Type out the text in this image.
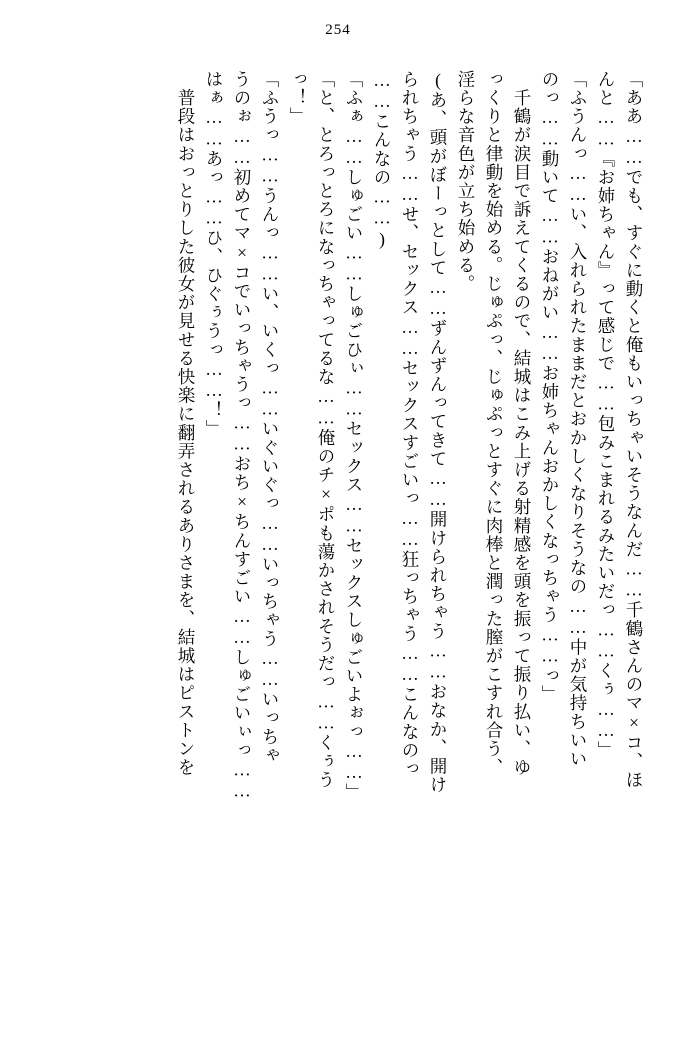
254
「ああ……でも、すぐに動くと俺もいっちゃいそうなんだ……千鶴さんのマ×コ、ほ
んと……『お姉ちゃん』って感じで……包みこまれるみたいだっ……くぅ……」
「ふうんっ……い、入れられたままだとおかしくなりそうなの……中が気持ちいい
のっ……動いて……おねがい……お姉ちゃんおかしくなっちゃう……っ」
　千鶴が涙目で訴えてくるので、結城はこみ上げる射精感を頭を振って振り払い、ゆ
っくりと律動を始める。じゅぷっ、じゅぷっとすぐに肉棒と潤った膣がこすれ合う、
淫らな音色が立ち始める。
(あ、頭がぼーっとして……ずんずんってきて……開けられちゃう……おなか、開け
られちゃう……せ、セックス……セックスすごいっ……狂っちゃう……こんなのっ
……こんなの……)
「ふぁ……しゅごい……しゅごひぃ……セックス……セックスしゅごいよぉっ……」
「と、とろっとろになっちゃってるな……俺のチ×ポも蕩かされそうだっ……くぅう
っ！」
「ふうっ……うんっ……い、いくっ……いぐいぐっ……いっちゃう……いっちゃ
うのぉ……初めてマ×コでいっちゃうっ……おち×ちんすごい……しゅごいぃっ……
はぁ……あっ……ひ、ひぐぅうっ……！」
　普段はおっとりした彼女が見せる快楽に翻弄されるありさまを、結城はピストンを
